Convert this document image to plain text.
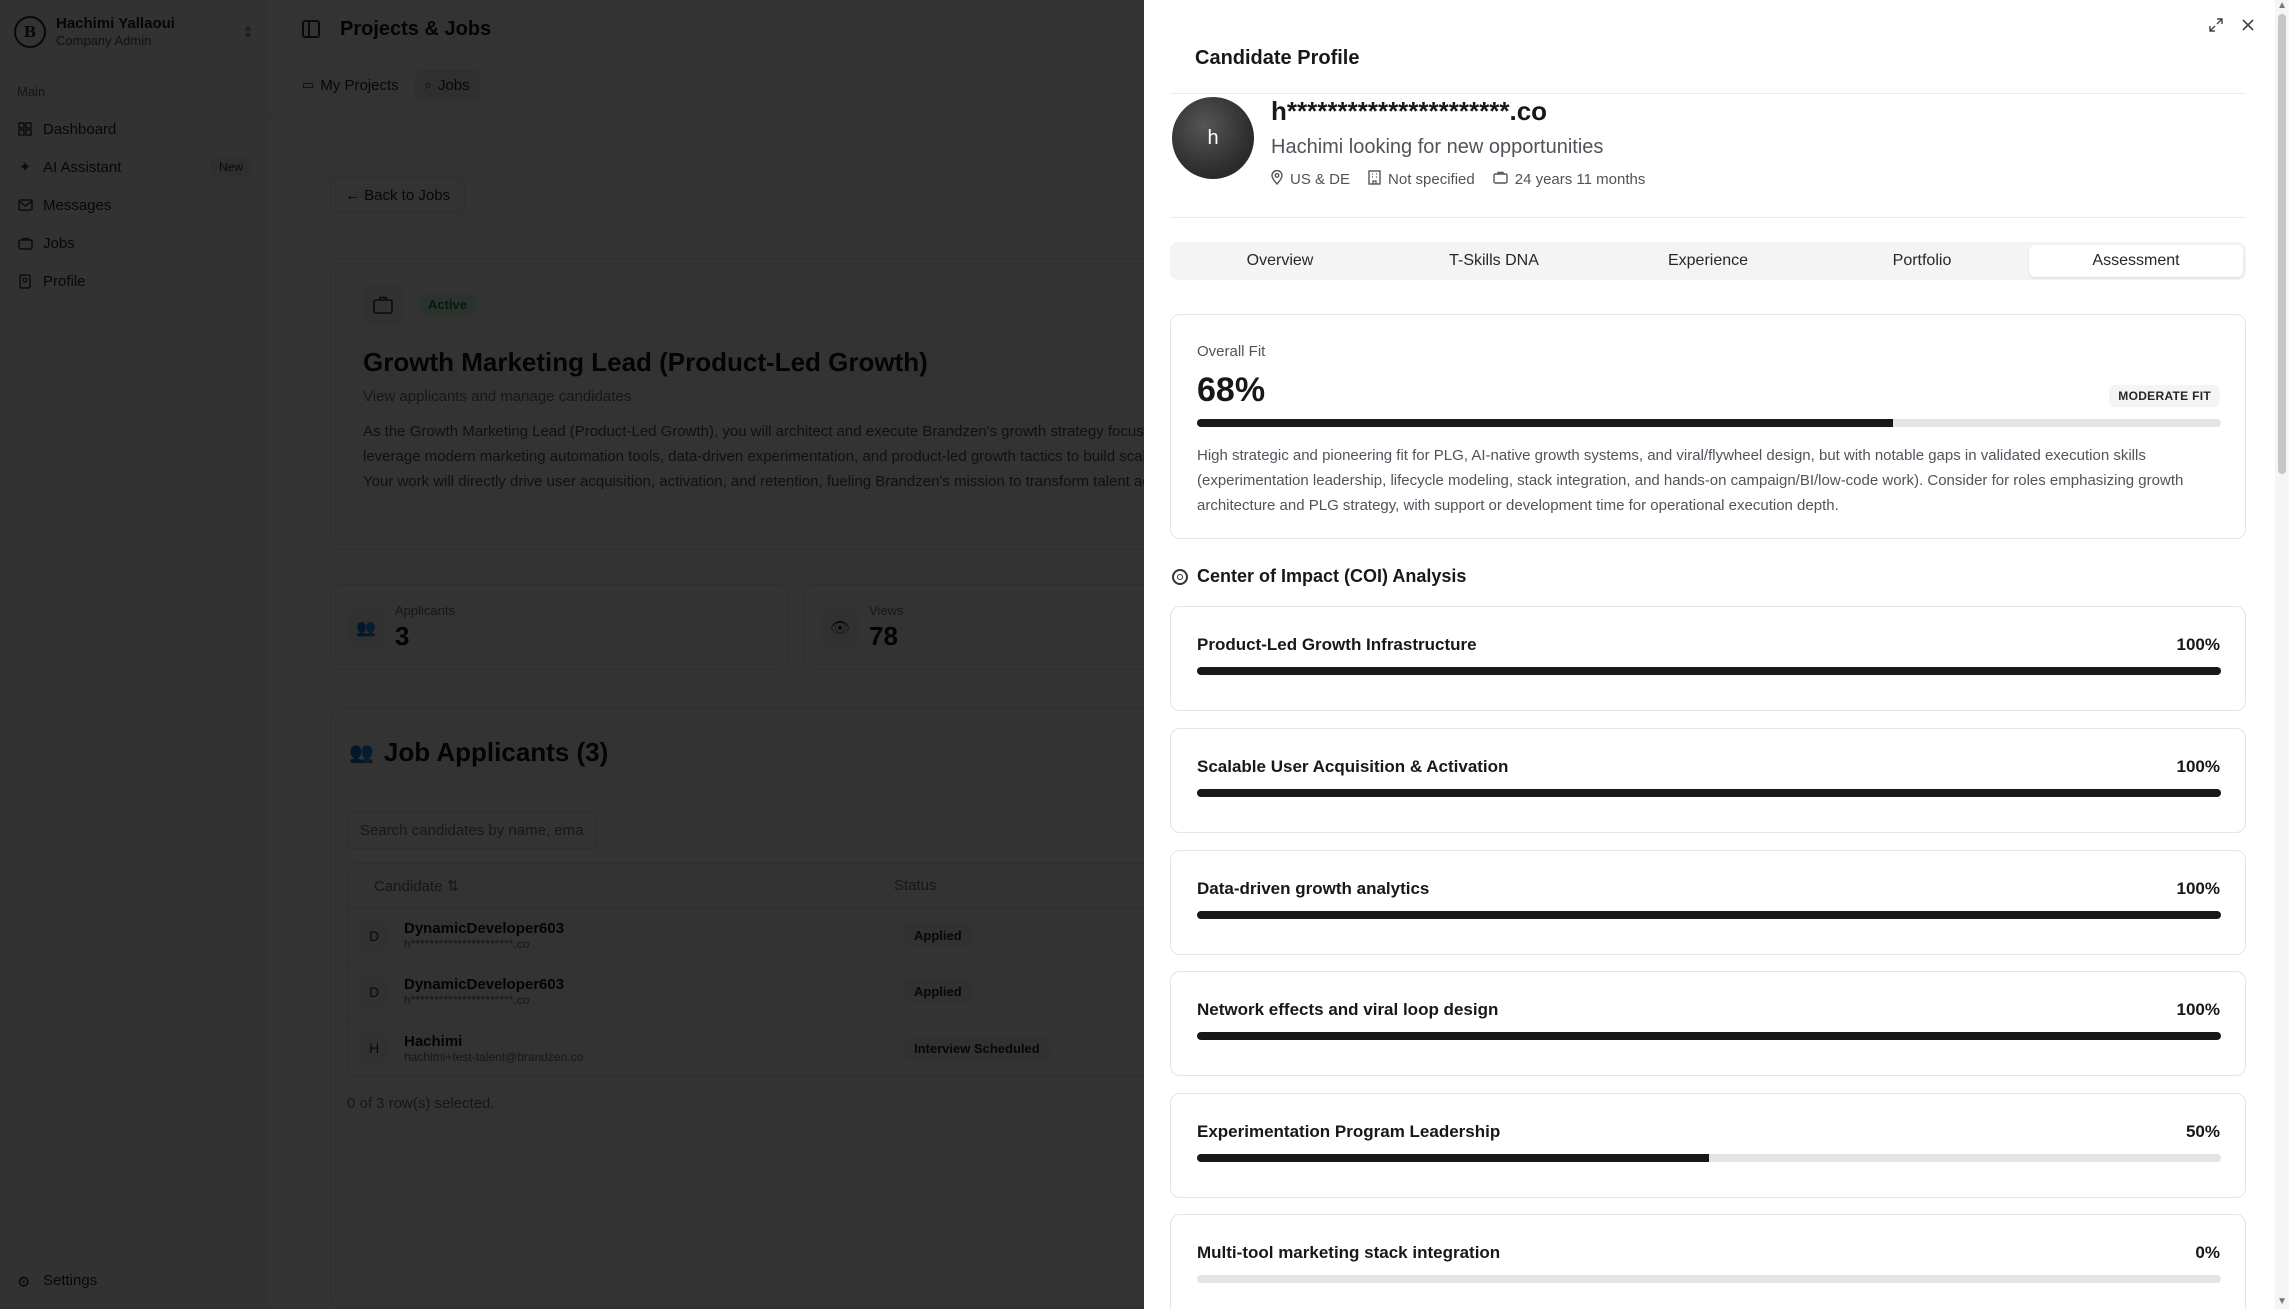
Search candidates by name, email...
Candidate Profile
▲
▼
h
h**********************.co
Hachimi looking for new opportunities
US & DE	Not specified	24 years 11 months
Overview	T-Skills DNA	Experience	Portfolio	Assessment
Overall Fit
68%	MODERATE FIT

High strategic and pioneering fit for PLG, AI-native growth systems, and viral/flywheel design, but with notable gaps in validated execution skills (experimentation leadership, lifecycle modeling, stack integration, and hands-on campaign/BI/low-code work). Consider for roles emphasizing growth architecture and PLG strategy, with support or development time for operational execution depth.

Center of Impact (COI) Analysis
Product-Led Growth Infrastructure	100%
Scalable User Acquisition & Activation	100%
Data-driven growth analytics	100%
Network effects and viral loop design	100%
Experimentation Program Leadership	50%
Multi-tool marketing stack integration	0%
